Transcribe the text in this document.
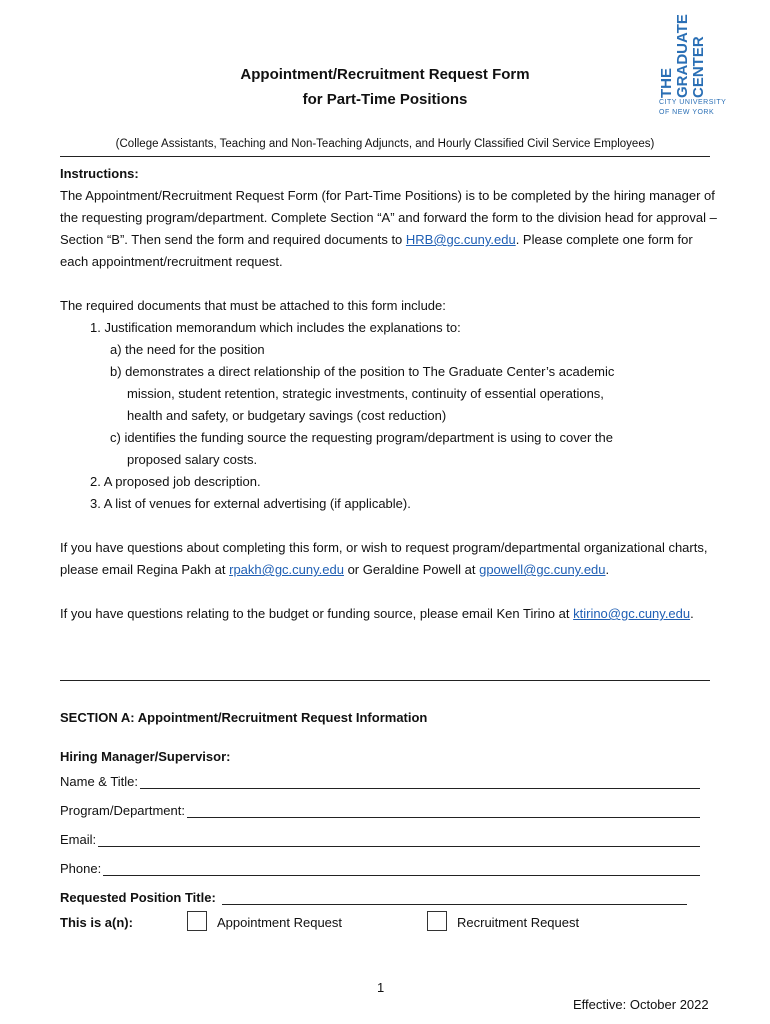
Appointment/Recruitment Request Form
for Part-Time Positions
THE GRADUATE CENTER
CITY UNIVERSITY
OF NEW YORK
(College Assistants, Teaching and Non-Teaching Adjuncts, and Hourly Classified Civil Service Employees)
Instructions:
The Appointment/Recruitment Request Form (for Part-Time Positions) is to be completed by the hiring manager of the requesting program/department. Complete Section “A” and forward the form to the division head for approval – Section “B”. Then send the form and required documents to HRB@gc.cuny.edu. Please complete one form for each appointment/recruitment request.
The required documents that must be attached to this form include:
1. Justification memorandum which includes the explanations to:
a) the need for the position
b) demonstrates a direct relationship of the position to The Graduate Center’s academic
mission, student retention, strategic investments, continuity of essential operations,
health and safety, or budgetary savings (cost reduction)
c) identifies the funding source the requesting program/department is using to cover the
proposed salary costs.
2. A proposed job description.
3. A list of venues for external advertising (if applicable).
If you have questions about completing this form, or wish to request program/departmental organizational charts, please email Regina Pakh at rpakh@gc.cuny.edu or Geraldine Powell at gpowell@gc.cuny.edu.
If you have questions relating to the budget or funding source, please email Ken Tirino at ktirino@gc.cuny.edu.
SECTION A: Appointment/Recruitment Request Information
Hiring Manager/Supervisor:
Name & Title:
Program/Department:
Email:
Phone:
Requested Position Title:
This is a(n):	Appointment Request	Recruitment Request
1
Effective: October 2022
